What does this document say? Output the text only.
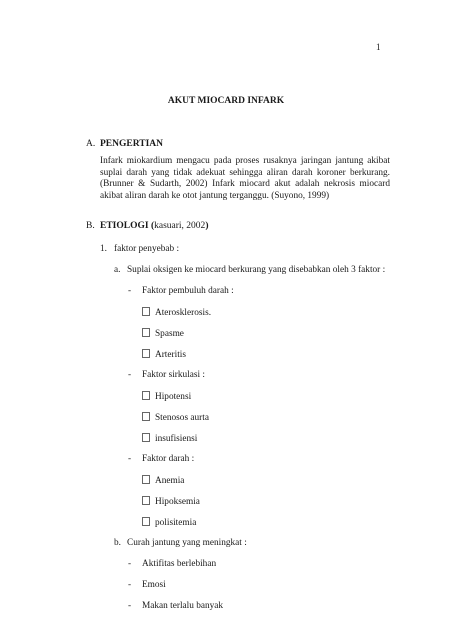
1
AKUT MIOCARD INFARK
A. PENGERTIAN

Infark miokardium mengacu pada proses rusaknya jaringan jantung akibat

suplai darah yang tidak adekuat sehingga aliran darah koroner berkurang.

(Brunner & Sudarth, 2002) Infark miocard akut adalah nekrosis miocard

akibat aliran darah ke otot jantung terganggu. (Suyono, 1999)

B. ETIOLOGI (kasuari, 2002)
1. faktor penyebab :
a. Suplai oksigen ke miocard berkurang yang disebabkan oleh 3 faktor :
- Faktor pembuluh darah :
Aterosklerosis.
Spasme
Arteritis
- Faktor sirkulasi :
Hipotensi
Stenosos aurta
insufisiensi
- Faktor darah :
Anemia
Hipoksemia
polisitemia
b. Curah jantung yang meningkat :
- Aktifitas berlebihan
- Emosi
- Makan terlalu banyak
